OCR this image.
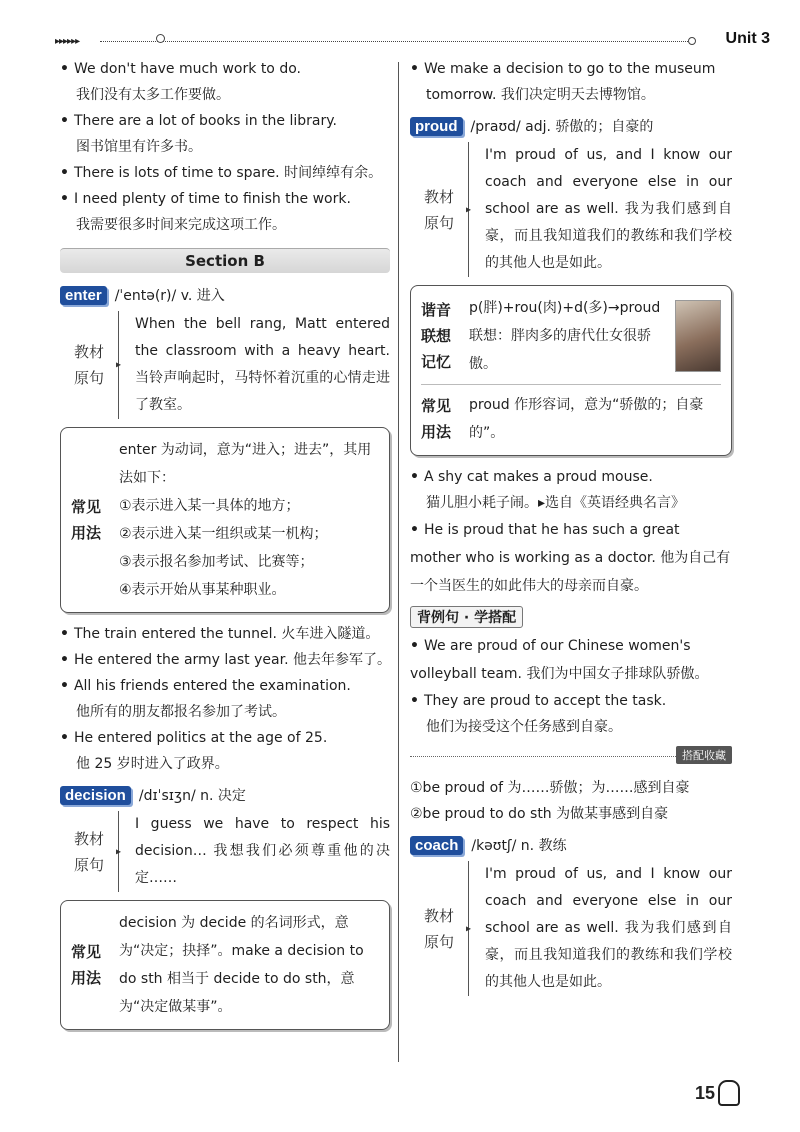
▸▸▸▸▸▸	Unit 3
• We don't have much work to do.
我们没有太多工作要做。
• There are a lot of books in the library.
图书馆里有许多书。
• There is lots of time to spare. 时间绰绰有余。
• I need plenty of time to finish the work.
我需要很多时间来完成这项工作。
Section B
enter /ˈentə(r)/ v. 进入
教材
原句
▸
When the bell rang, Matt entered the classroom with a heavy heart. 当铃声响起时，马特怀着沉重的心情走进了教室。
常见
用法
enter 为动词，意为“进入；进去”，其用法如下：
①表示进入某一具体的地方；
②表示进入某一组织或某一机构；
③表示报名参加考试、比赛等；
④表示开始从事某种职业。
• The train entered the tunnel. 火车进入隧道。
• He entered the army last year. 他去年参军了。
• All his friends entered the examination.
他所有的朋友都报名参加了考试。
• He entered politics at the age of 25.
他 25 岁时进入了政界。
decision /dɪˈsɪʒn/ n. 决定
教材
原句
▸
I guess we have to respect his decision… 我想我们必须尊重他的决定……
常见
用法
decision 为 decide 的名词形式，意为“决定；抉择”。make a decision to do sth 相当于 decide to do sth，意为“决定做某事”。
• We make a decision to go to the museum
tomorrow. 我们决定明天去博物馆。
proud /praʊd/ adj. 骄傲的；自豪的
教材
原句
▸
I'm proud of us, and I know our coach and everyone else in our school are as well. 我为我们感到自豪，而且我知道我们的教练和我们学校的其他人也是如此。
谐音
联想
记忆
p(胖)+rou(肉)+d(多)→proud
联想：胖肉多的唐代仕女很骄傲。
常见
用法
proud 作形容词，意为“骄傲的；自豪的”。
• A shy cat makes a proud mouse.
猫儿胆小耗子闹。▸选自《英语经典名言》
• He is proud that he has such a great mother who is working as a doctor. 他为自己有一个当医生的如此伟大的母亲而自豪。
背例句 · 学搭配
• We are proud of our Chinese women's volleyball team. 我们为中国女子排球队骄傲。
• They are proud to accept the task.
他们为接受这个任务感到自豪。
搭配收藏
①be proud of 为……骄傲；为……感到自豪
②be proud to do sth 为做某事感到自豪
coach /kəʊtʃ/ n. 教练
教材
原句
▸
I'm proud of us, and I know our coach and everyone else in our school are as well. 我为我们感到自豪，而且我知道我们的教练和我们学校的其他人也是如此。
15
